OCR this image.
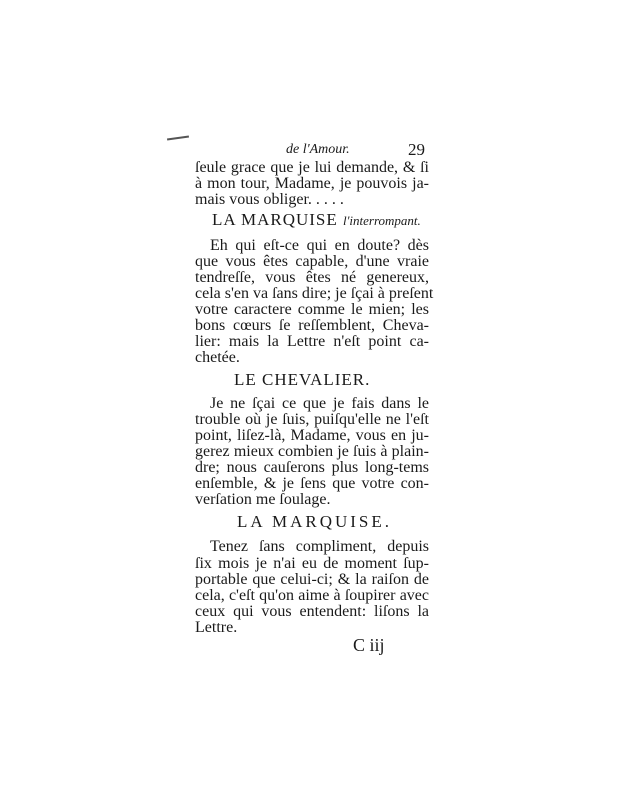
de l'Amour.	29
ſeule grace que je lui demande, & ſi
à mon tour, Madame, je pouvois ja-
mais vous obliger. . . . .
LA MARQUISE l'interrompant.
Eh qui eſt-ce qui en doute? dès
que vous êtes capable, d'une vraie
tendreſſe, vous êtes né genereux,
cela s'en va ſans dire; je ſçai à preſent
votre caractere comme le mien; les
bons cœurs ſe reſſemblent, Cheva-
lier: mais la Lettre n'eſt point ca-
chetée.
LE CHEVALIER.
Je ne ſçai ce que je fais dans le
trouble où je ſuis, puiſqu'elle ne l'eſt
point, liſez-là, Madame, vous en ju-
gerez mieux combien je ſuis à plain-
dre; nous cauſerons plus long-tems
enſemble, & je ſens que votre con-
verſation me ſoulage.
LA MARQUISE.
Tenez ſans compliment, depuis
ſix mois je n'ai eu de moment ſup-
portable que celui-ci; & la raiſon de
cela, c'eſt qu'on aime à ſoupirer avec
ceux qui vous entendent: liſons la
Lettre.
C iij
